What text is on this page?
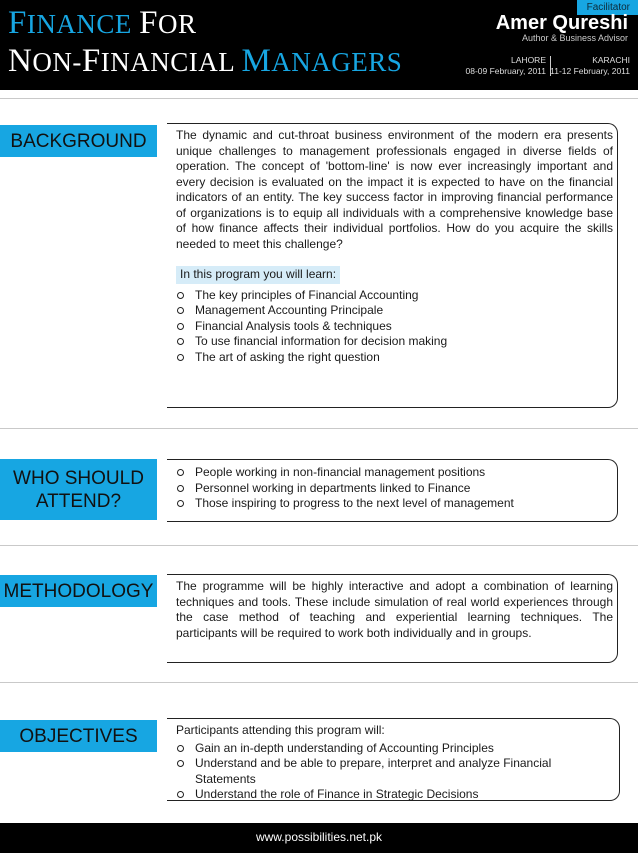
FINANCE FOR
NON-FINANCIAL MANAGERS
Facilitator
Amer Qureshi
Author & Business Advisor
LAHORE
08-09 February, 2011
KARACHI
11-12 February, 2011
BACKGROUND	The dynamic and cut-throat business environment of the modern era presents unique challenges to management professionals engaged in diverse fields of operation. The concept of 'bottom-line' is now ever increasingly important and every decision is evaluated on the impact it is expected to have on the financial indicators of an entity. The key success factor in improving financial performance of organizations is to equip all individuals with a comprehensive knowledge base of how finance affects their individual portfolios. How do you acquire the skills needed to meet this challenge?

In this program you will learn:
The key principles of Financial Accounting
Management Accounting Principale
Financial Analysis tools & techniques
To use financial information for decision making
The art of asking the right question
WHO SHOULD
ATTEND?
People working in non-financial management positions
Personnel working in departments linked to Finance
Those inspiring to progress to the next level of management
METHODOLOGY The programme will be highly interactive and adopt a combination of learning techniques and tools. These include simulation of real world experiences through the case method of teaching and experiential learning techniques. The participants will be required to work both individually and in groups.

OBJECTIVES	Participants attending this program will:
Gain an in-depth understanding of Accounting Principles
Understand and be able to prepare, interpret and analyze Financial Statements
Understand the role of Finance in Strategic Decisions
www.possibilities.net.pk
